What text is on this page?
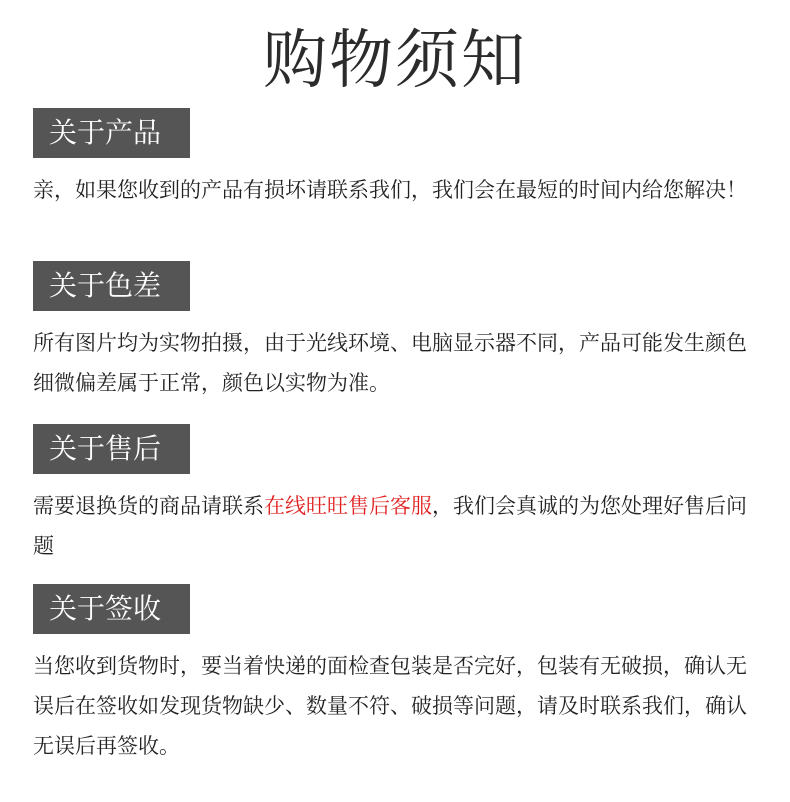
购物须知
关于产品
亲，如果您收到的产品有损坏请联系我们，我们会在最短的时间内给您解决！
关于色差
所有图片均为实物拍摄，由于光线环境、电脑显示器不同，产品可能发生颜色细微偏差属于正常，颜色以实物为准。
关于售后
需要退换货的商品请联系在线旺旺售后客服，我们会真诚的为您处理好售后问题
关于签收
当您收到货物时，要当着快递的面检查包装是否完好，包装有无破损，确认无误后在签收如发现货物缺少、数量不符、破损等问题，请及时联系我们，确认无误后再签收。
